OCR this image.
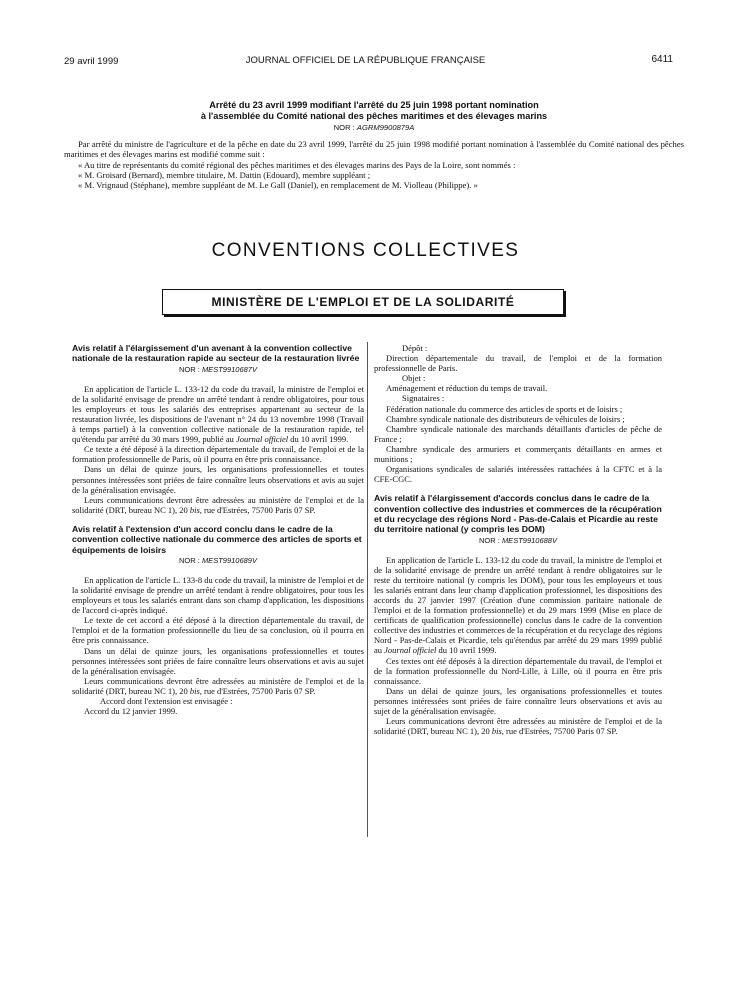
29 avril 1999	JOURNAL OFFICIEL DE LA RÉPUBLIQUE FRANÇAISE	6411
Arrêté du 23 avril 1999 modifiant l'arrêté du 25 juin 1998 portant nomination
à l'assemblée du Comité national des pêches maritimes et des élevages marins
NOR : AGRM9900879A

Par arrêté du ministre de l'agriculture et de la pêche en date du 23 avril 1999, l'arrêté du 25 juin 1998 modifié portant nomination à l'assemblée du Comité national des pêches maritimes et des élevages marins est modifié comme suit :

« Au titre de représentants du comité régional des pêches maritimes et des élevages marins des Pays de la Loire, sont nommés :

« M. Groisard (Bernard), membre titulaire, M. Dattin (Edouard), membre suppléant ;

« M. Vrignaud (Stéphane), membre suppléant de M. Le Gall (Daniel), en remplacement de M. Violleau (Philippe). »

CONVENTIONS COLLECTIVES
MINISTÈRE DE L'EMPLOI ET DE LA SOLIDARITÉ
Avis relatif à l'élargissement d'un avenant à la convention collective nationale de la restauration rapide au secteur de la restauration livrée
NOR : MEST9910687V

En application de l'article L. 133-12 du code du travail, la ministre de l'emploi et de la solidarité envisage de prendre un arrêté tendant à rendre obligatoires, pour tous les employeurs et tous les salariés des entreprises appartenant au secteur de la restauration livrée, les dispositions de l'avenant n° 24 du 13 novembre 1998 (Travail à temps partiel) à la convention collective nationale de la restauration rapide, tel qu'étendu par arrêté du 30 mars 1999, publié au Journal officiel du 10 avril 1999.

Ce texte a été déposé à la direction départementale du travail, de l'emploi et de la formation professionnelle de Paris, où il pourra en être pris connaissance.

Dans un délai de quinze jours, les organisations professionnelles et toutes personnes intéressées sont priées de faire connaître leurs observations et avis au sujet de la généralisation envisagée.

Leurs communications devront être adressées au ministère de l'emploi et de la solidarité (DRT, bureau NC 1), 20 bis, rue d'Estrées, 75700 Paris 07 SP.

Avis relatif à l'extension d'un accord conclu dans le cadre de la convention collective nationale du commerce des articles de sports et équipements de loisirs
NOR : MEST9910689V

En application de l'article L. 133-8 du code du travail, la ministre de l'emploi et de la solidarité envisage de prendre un arrêté tendant à rendre obligatoires, pour tous les employeurs et tous les salariés entrant dans son champ d'application, les dispositions de l'accord ci-après indiqué.

Le texte de cet accord a été déposé à la direction départementale du travail, de l'emploi et de la formation professionnelle du lieu de sa conclusion, où il pourra en être pris connaissance.

Dans un délai de quinze jours, les organisations professionnelles et toutes personnes intéressées sont priées de faire connaître leurs observations et avis au sujet de la généralisation envisagée.

Leurs communications devront être adressées au ministère de l'emploi et de la solidarité (DRT, bureau NC 1), 20 bis, rue d'Estrées, 75700 Paris 07 SP.

Accord dont l'extension est envisagée :

Accord du 12 janvier 1999.

Dépôt :

Direction départementale du travail, de l'emploi et de la formation professionnelle de Paris.

Objet :

Aménagement et réduction du temps de travail.

Signataires :

Fédération nationale du commerce des articles de sports et de loisirs ;

Chambre syndicale nationale des distributeurs de véhicules de loisirs ;

Chambre syndicale nationale des marchands détaillants d'articles de pêche de France ;

Chambre syndicale des armuriers et commerçants détaillants en armes et munitions ;

Organisations syndicales de salariés intéressées rattachées à la CFTC et à la CFE-CGC.

Avis relatif à l'élargissement d'accords conclus dans le cadre de la convention collective des industries et commerces de la récupération et du recyclage des régions Nord - Pas-de-Calais et Picardie au reste du territoire national (y compris les DOM)
NOR : MEST9910688V

En application de l'article L. 133-12 du code du travail, la ministre de l'emploi et de la solidarité envisage de prendre un arrêté tendant à rendre obligatoires sur le reste du territoire national (y compris les DOM), pour tous les employeurs et tous les salariés entrant dans leur champ d'application professionnel, les dispositions des accords du 27 janvier 1997 (Création d'une commission paritaire nationale de l'emploi et de la formation professionnelle) et du 29 mars 1999 (Mise en place de certificats de qualification professionnelle) conclus dans le cadre de la convention collective des industries et commerces de la récupération et du recyclage des régions Nord - Pas-de-Calais et Picardie, tels qu'étendus par arrêté du 29 mars 1999 publié au Journal officiel du 10 avril 1999.

Ces textes ont été déposés à la direction départementale du travail, de l'emploi et de la formation professionnelle du Nord-Lille, à Lille, où il pourra en être pris connaissance.

Dans un délai de quinze jours, les organisations professionnelles et toutes personnes intéressées sont priées de faire connaître leurs observations et avis au sujet de la généralisation envisagée.

Leurs communications devront être adressées au ministère de l'emploi et de la solidarité (DRT, bureau NC 1), 20 bis, rue d'Estrées, 75700 Paris 07 SP.
